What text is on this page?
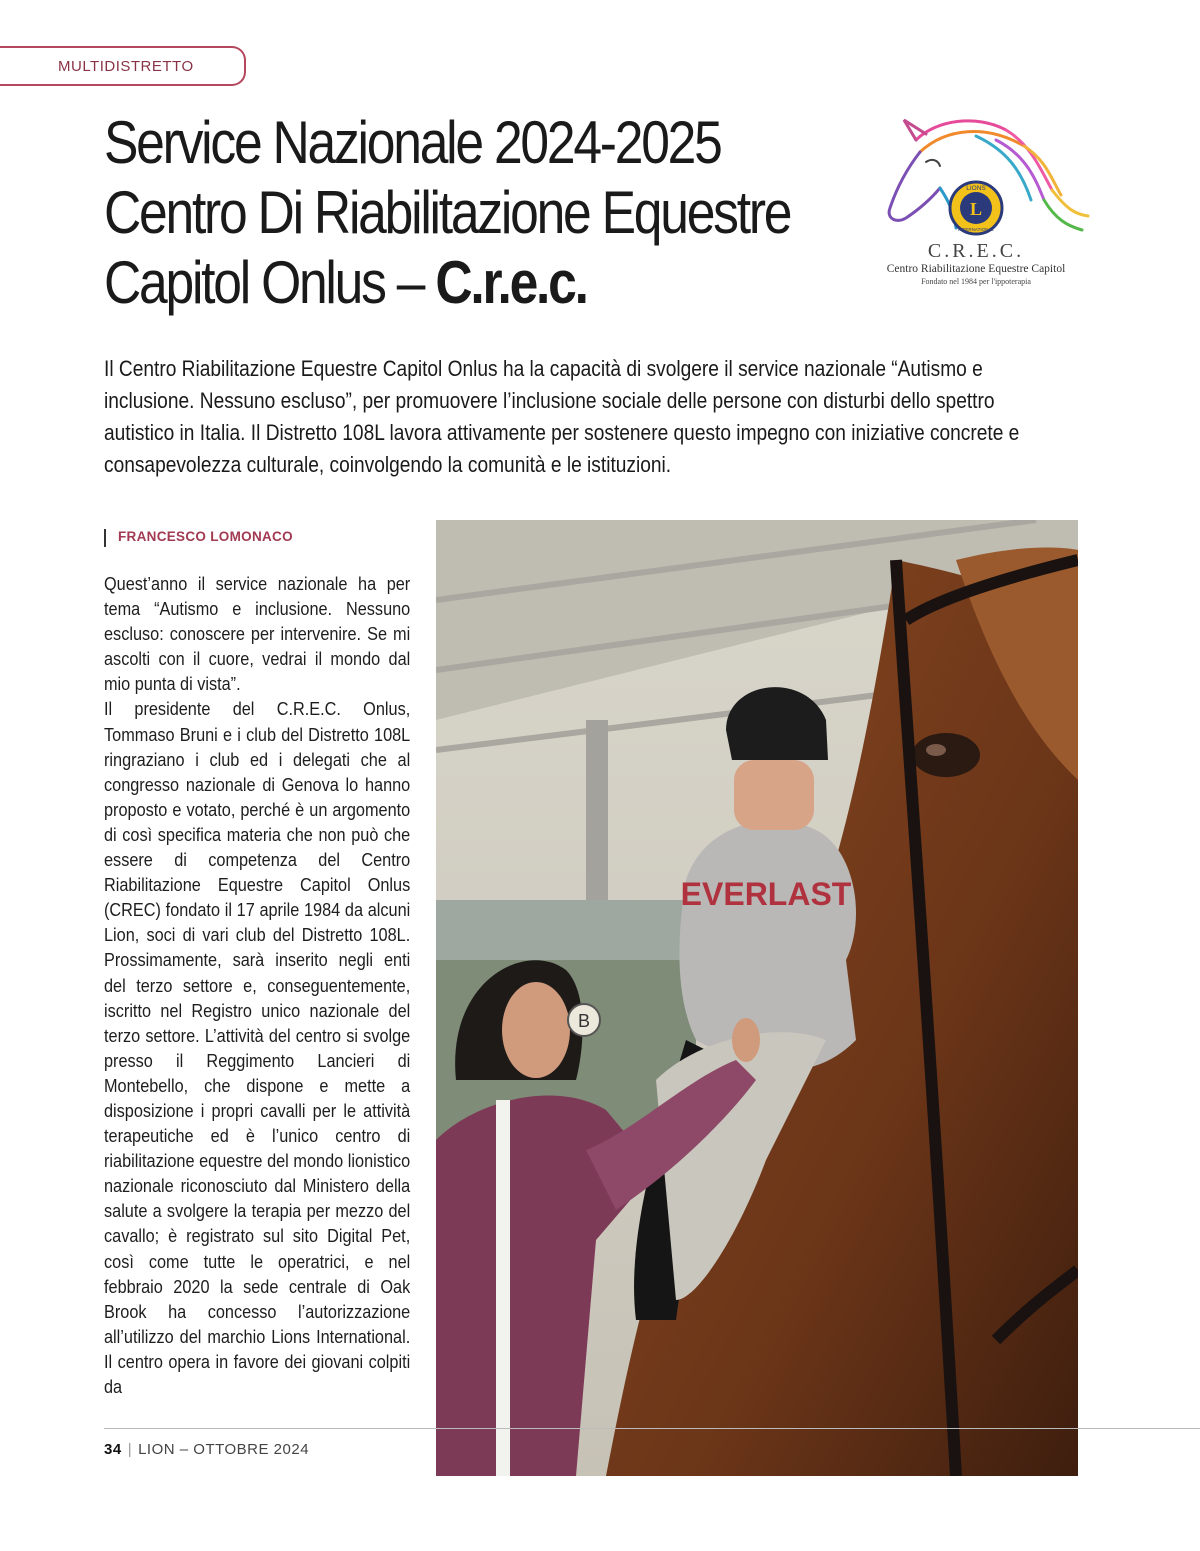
MULTIDISTRETTO
Service Nazionale 2024-2025
Centro Di Riabilitazione Equestre
Capitol Onlus – C.r.e.c.
L
LIONS
INTERNATIONAL
C.R.E.C.
Centro Riabilitazione Equestre Capitol
Fondato nel 1984 per l'ippoterapia

Il Centro Riabilitazione Equestre Capitol Onlus ha la capacità di svolgere il service nazionale “Autismo e inclusione. Nessuno escluso”, per promuovere l’inclusione sociale delle persone con disturbi dello spettro autistico in Italia. Il Distretto 108L lavora attivamente per sostenere questo impegno con iniziative concrete e consapevolezza culturale, coinvolgendo la comunità e le istituzioni.

FRANCESCO LOMONACO

Quest’anno il service nazionale ha per tema “Autismo e inclusione. Nessuno escluso: conoscere per intervenire. Se mi ascolti con il cuore, vedrai il mondo dal mio punta di vista”.

Il presidente del C.R.E.C. Onlus, Tommaso Bruni e i club del Distretto 108L ringraziano i club ed i delegati che al congresso nazionale di Genova lo hanno proposto e votato, perché è un argomento di così specifica materia che non può che essere di competenza del Centro Riabilitazione Equestre Capitol Onlus (CREC) fondato il 17 aprile 1984 da alcuni Lion, soci di vari club del Distretto 108L. Prossimamente, sarà inserito negli enti del terzo settore e, conseguentemente, iscritto nel Registro unico nazionale del terzo settore. L’attività del centro si svolge presso il Reggimento Lancieri di Montebello, che dispone e mette a disposizione i propri cavalli per le attività terapeutiche ed è l’unico centro di riabilitazione equestre del mondo lionistico nazionale riconosciuto dal Ministero della salute a svolgere la terapia per mezzo del cavallo; è registrato sul sito Digital Pet, così come tutte le operatrici, e nel febbraio 2020 la sede centrale di Oak Brook ha concesso l’autorizzazione all’utilizzo del marchio Lions International. Il centro opera in favore dei giovani colpiti da

EVERLAST
B
34 | LION – OTTOBRE 2024
